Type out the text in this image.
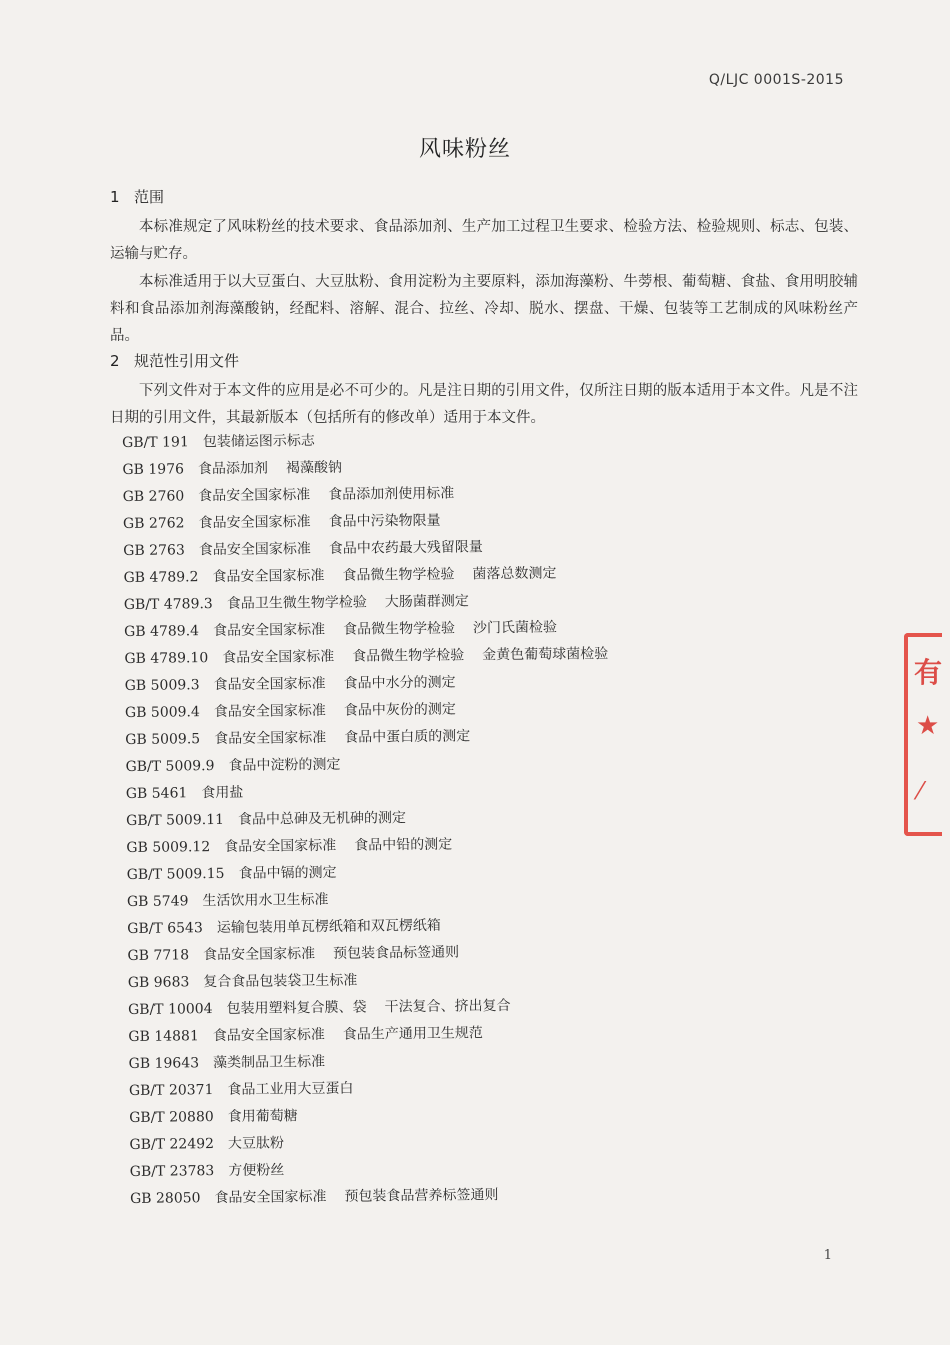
Q/LJC 0001S-2015
风味粉丝
1 范围
本标准规定了风味粉丝的技术要求、食品添加剂、生产加工过程卫生要求、检验方法、检验规则、标志、包装、运输与贮存。
本标准适用于以大豆蛋白、大豆肽粉、食用淀粉为主要原料，添加海藻粉、牛蒡根、葡萄糖、食盐、食用明胶辅料和食品添加剂海藻酸钠，经配料、溶解、混合、拉丝、冷却、脱水、摆盘、干燥、包装等工艺制成的风味粉丝产品。
2 规范性引用文件
下列文件对于本文件的应用是必不可少的。凡是注日期的引用文件，仅所注日期的版本适用于本文件。凡是不注日期的引用文件，其最新版本（包括所有的修改单）适用于本文件。
GB/T 191 包装储运图示标志
GB 1976 食品添加剂 褐藻酸钠
GB 2760 食品安全国家标准 食品添加剂使用标准
GB 2762 食品安全国家标准 食品中污染物限量
GB 2763 食品安全国家标准 食品中农药最大残留限量
GB 4789.2 食品安全国家标准 食品微生物学检验 菌落总数测定
GB/T 4789.3 食品卫生微生物学检验 大肠菌群测定
GB 4789.4 食品安全国家标准 食品微生物学检验 沙门氏菌检验
GB 4789.10 食品安全国家标准 食品微生物学检验 金黄色葡萄球菌检验
GB 5009.3 食品安全国家标准 食品中水分的测定
GB 5009.4 食品安全国家标准 食品中灰份的测定
GB 5009.5 食品安全国家标准 食品中蛋白质的测定
GB/T 5009.9 食品中淀粉的测定
GB 5461 食用盐
GB/T 5009.11 食品中总砷及无机砷的测定
GB 5009.12 食品安全国家标准 食品中铅的测定
GB/T 5009.15 食品中镉的测定
GB 5749 生活饮用水卫生标准
GB/T 6543 运输包装用单瓦楞纸箱和双瓦楞纸箱
GB 7718 食品安全国家标准 预包装食品标签通则
GB 9683 复合食品包装袋卫生标准
GB/T 10004 包装用塑料复合膜、袋 干法复合、挤出复合
GB 14881 食品安全国家标准 食品生产通用卫生规范
GB 19643 藻类制品卫生标准
GB/T 20371 食品工业用大豆蛋白
GB/T 20880 食用葡萄糖
GB/T 22492 大豆肽粉
GB/T 23783 方便粉丝
GB 28050 食品安全国家标准 预包装食品营养标签通则
有
★
⁄
1
